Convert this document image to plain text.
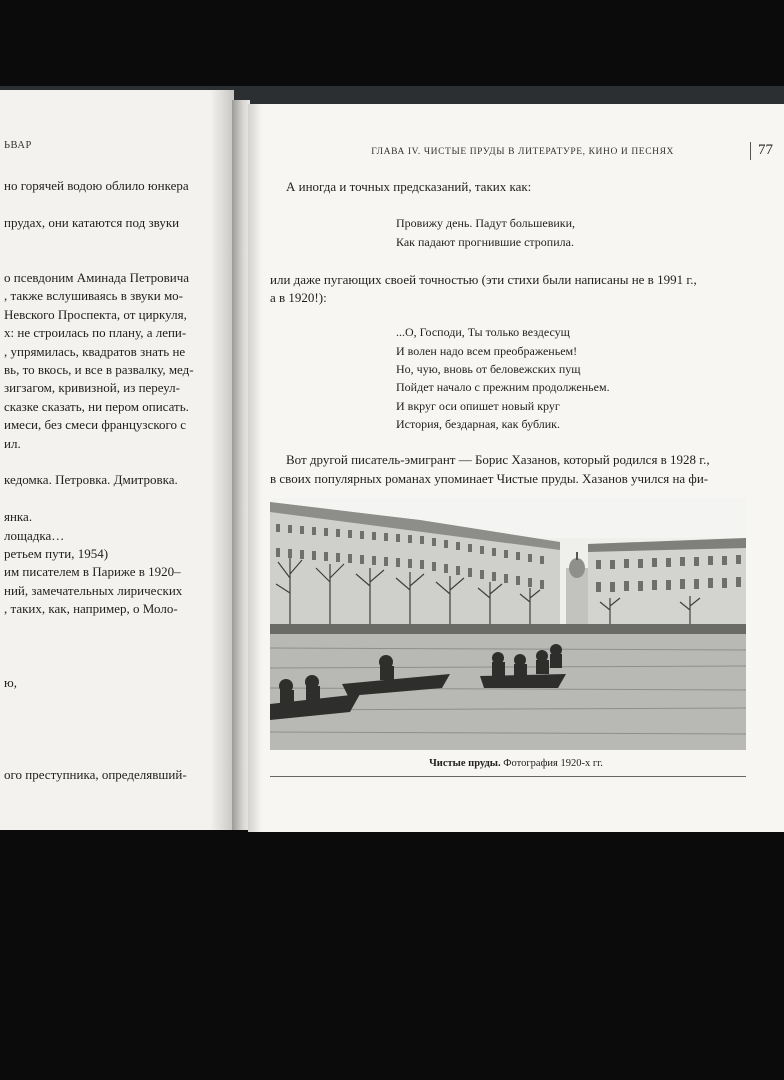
ЬВАР
но горячей водою облило юнкера
прудах, они катаются под звуки
о псевдоним Аминада Петровича
, также вслушиваясь в звуки мо-
Невского Проспекта, от циркуля,
х: не строилась по плану, а лепи-
, упрямилась, квадратов знать не
вь, то вкось, и все в развалку, мед-
зигзагом, кривизной, из переул-
сказке сказать, ни пером описать.
имеси, без смеси французского с
ил.
кедомка. Петровка. Дмитровка.
янка.
лощадка…
ретьем пути, 1954)
им писателем в Париже в 1920–
ний, замечательных лирических
, таких, как, например, о Моло-
ю,
ого преступника, определявший-
ГЛАВА IV. ЧИСТЫЕ ПРУДЫ В ЛИТЕРАТУРЕ, КИНО И ПЕСНЯХ	77
А иногда и точных предсказаний, таких как:
Провижу день. Падут большевики,
Как падают прогнившие стропила.
или даже пугающих своей точностью (эти стихи были написаны не в 1991 г.,
а в 1920!):
...О, Господи, Ты только вездесущ
И волен надо всем преображеньем!
Но, чую, вновь от беловежских пущ
Пойдет начало с прежним продолженьем.
И вкруг оси опишет новый круг
История, бездарная, как бублик.
Вот другой писатель-эмигрант — Борис Хазанов, который родился в 1928 г.,
в своих популярных романах упоминает Чистые пруды. Хазанов учился на фи-
Чистые пруды. Фотография 1920-х гг.
